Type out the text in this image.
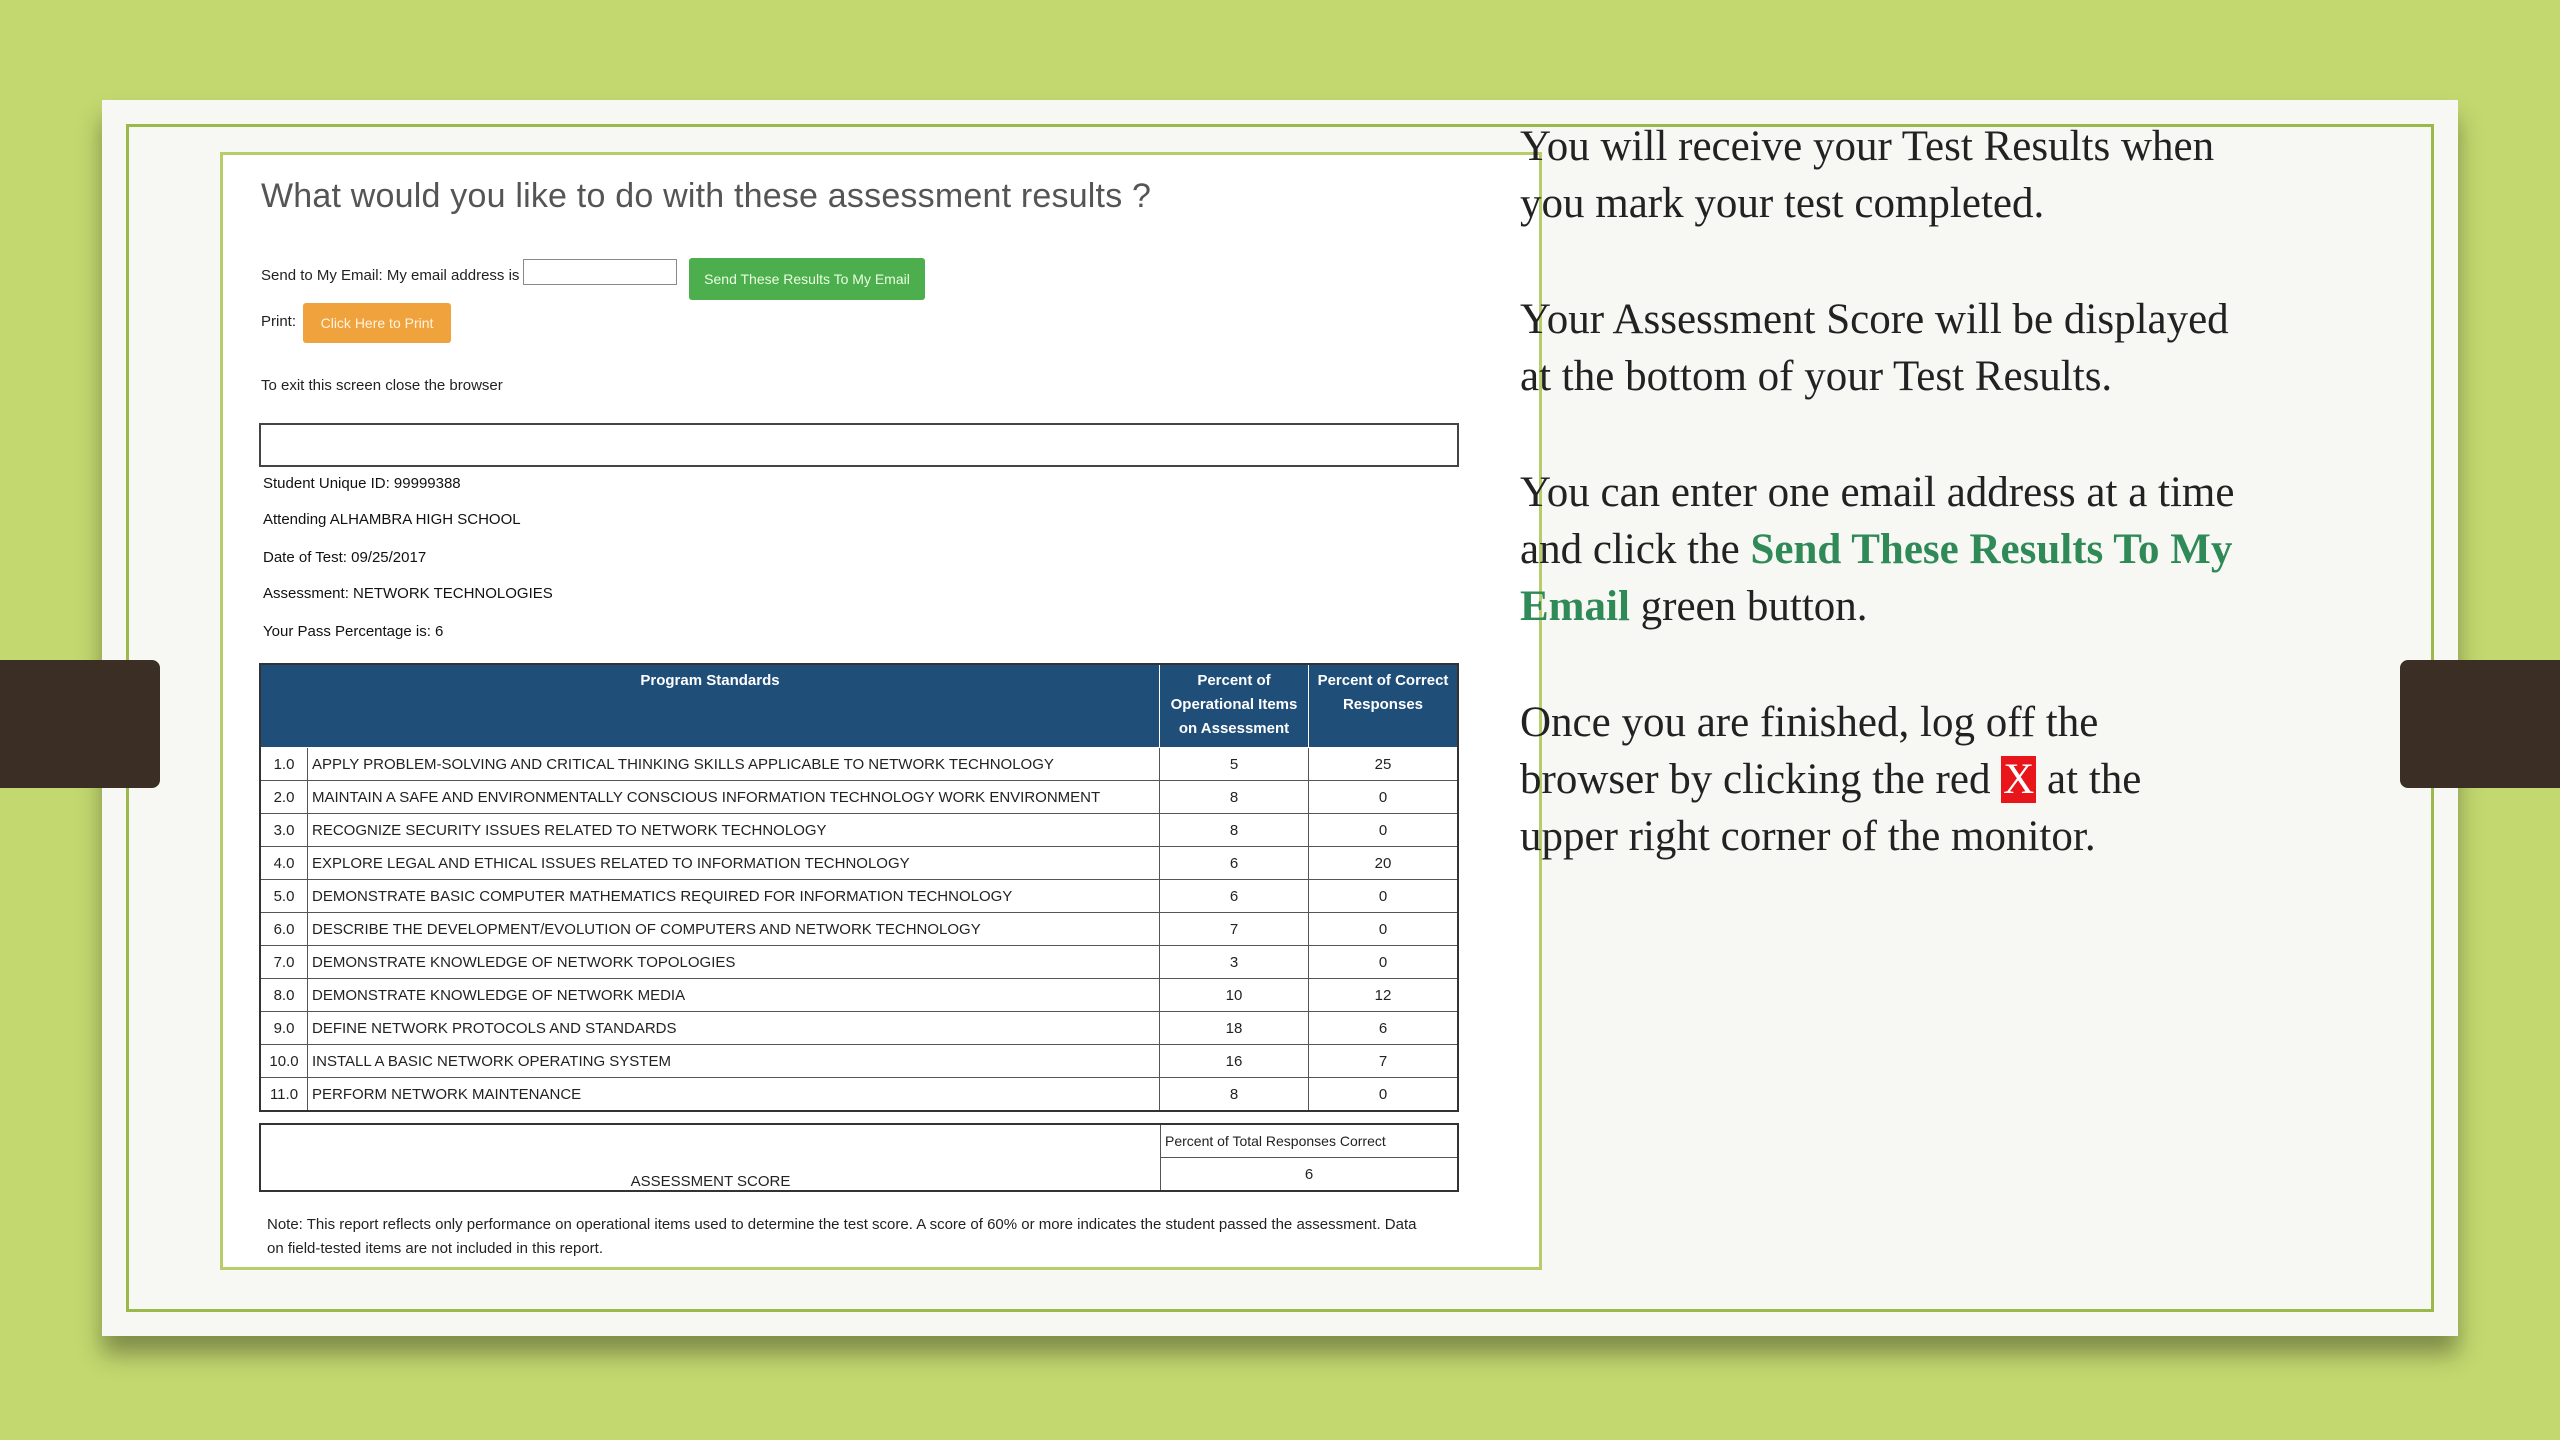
What would you like to do with these assessment results ?
Send to My Email: My email address is	Send These Results To My Email
Print:	Click Here to Print
To exit this screen close the browser
Student Unique ID: 99999388
Attending ALHAMBRA HIGH SCHOOL
Date of Test: 09/25/2017
Assessment: NETWORK TECHNOLOGIES
Your Pass Percentage is: 6
Program Standards		Percent of Operational Items on Assessment	Percent of Correct Responses
1.0	APPLY PROBLEM-SOLVING AND CRITICAL THINKING SKILLS APPLICABLE TO NETWORK TECHNOLOGY	5	25
2.0	MAINTAIN A SAFE AND ENVIRONMENTALLY CONSCIOUS INFORMATION TECHNOLOGY WORK ENVIRONMENT	8	0
3.0	RECOGNIZE SECURITY ISSUES RELATED TO NETWORK TECHNOLOGY	8	0
4.0	EXPLORE LEGAL AND ETHICAL ISSUES RELATED TO INFORMATION TECHNOLOGY	6	20
5.0	DEMONSTRATE BASIC COMPUTER MATHEMATICS REQUIRED FOR INFORMATION TECHNOLOGY	6	0
6.0	DESCRIBE THE DEVELOPMENT/EVOLUTION OF COMPUTERS AND NETWORK TECHNOLOGY	7	0
7.0	DEMONSTRATE KNOWLEDGE OF NETWORK TOPOLOGIES	3	0
8.0	DEMONSTRATE KNOWLEDGE OF NETWORK MEDIA	10	12
9.0	DEFINE NETWORK PROTOCOLS AND STANDARDS	18	6
10.0	INSTALL A BASIC NETWORK OPERATING SYSTEM	16	7
11.0	PERFORM NETWORK MAINTENANCE	8	0
ASSESSMENT SCORE	Percent of Total Responses Correct
6
Note: This report reflects only performance on operational items used to determine the test score. A score of 60% or more indicates the student passed the assessment. Data on field-tested items are not included in this report.

You will receive your Test Results when you mark your test completed.

Your Assessment Score will be displayed at the bottom of your Test Results.

You can enter one email address at a time and click the Send These Results To My Email green button.

Once you are finished, log off the browser by clicking the red X at the upper right corner of the monitor.
